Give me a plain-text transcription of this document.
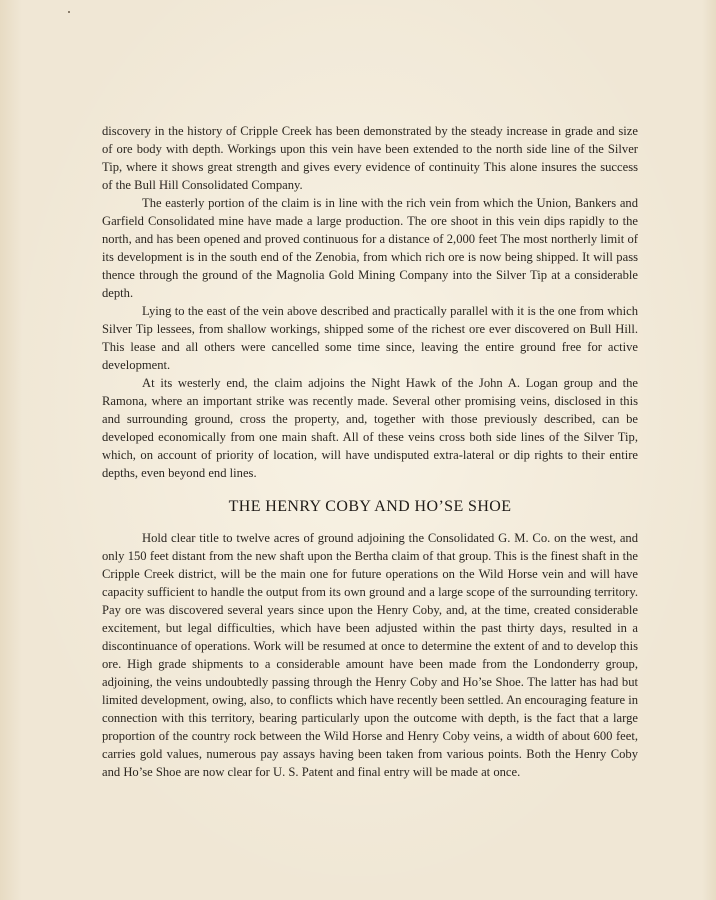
discovery in the history of Cripple Creek has been demonstrated by the steady increase in grade and size of ore body with depth. Workings upon this vein have been extended to the north side line of the Silver Tip, where it shows great strength and gives every evidence of continuity This alone insures the success of the Bull Hill Consolidated Company.

The easterly portion of the claim is in line with the rich vein from which the Union, Bankers and Garfield Consolidated mine have made a large production. The ore shoot in this vein dips rapidly to the north, and has been opened and proved continuous for a distance of 2,000 feet The most northerly limit of its development is in the south end of the Zenobia, from which rich ore is now being shipped. It will pass thence through the ground of the Magnolia Gold Mining Company into the Silver Tip at a considerable depth.

Lying to the east of the vein above described and practically parallel with it is the one from which Silver Tip lessees, from shallow workings, shipped some of the richest ore ever discovered on Bull Hill. This lease and all others were cancelled some time since, leaving the entire ground free for active development.

At its westerly end, the claim adjoins the Night Hawk of the John A. Logan group and the Ramona, where an important strike was recently made. Several other promising veins, disclosed in this and surrounding ground, cross the property, and, together with those previously described, can be developed economically from one main shaft. All of these veins cross both side lines of the Silver Tip, which, on account of priority of location, will have undisputed extra-lateral or dip rights to their entire depths, even beyond end lines.

THE HENRY COBY AND HO’SE SHOE

Hold clear title to twelve acres of ground adjoining the Consolidated G. M. Co. on the west, and only 150 feet distant from the new shaft upon the Bertha claim of that group. This is the finest shaft in the Cripple Creek district, will be the main one for future operations on the Wild Horse vein and will have capacity sufficient to handle the output from its own ground and a large scope of the surrounding territory. Pay ore was discovered several years since upon the Henry Coby, and, at the time, created considerable excitement, but legal difficulties, which have been adjusted within the past thirty days, resulted in a discontinuance of operations. Work will be resumed at once to determine the extent of and to develop this ore. High grade shipments to a considerable amount have been made from the Londonderry group, adjoining, the veins undoubtedly passing through the Henry Coby and Ho’se Shoe. The latter has had but limited development, owing, also, to conflicts which have recently been settled. An encouraging feature in connection with this territory, bearing particularly upon the outcome with depth, is the fact that a large proportion of the country rock between the Wild Horse and Henry Coby veins, a width of about 600 feet, carries gold values, numerous pay assays having been taken from various points. Both the Henry Coby and Ho’se Shoe are now clear for U. S. Patent and final entry will be made at once.
